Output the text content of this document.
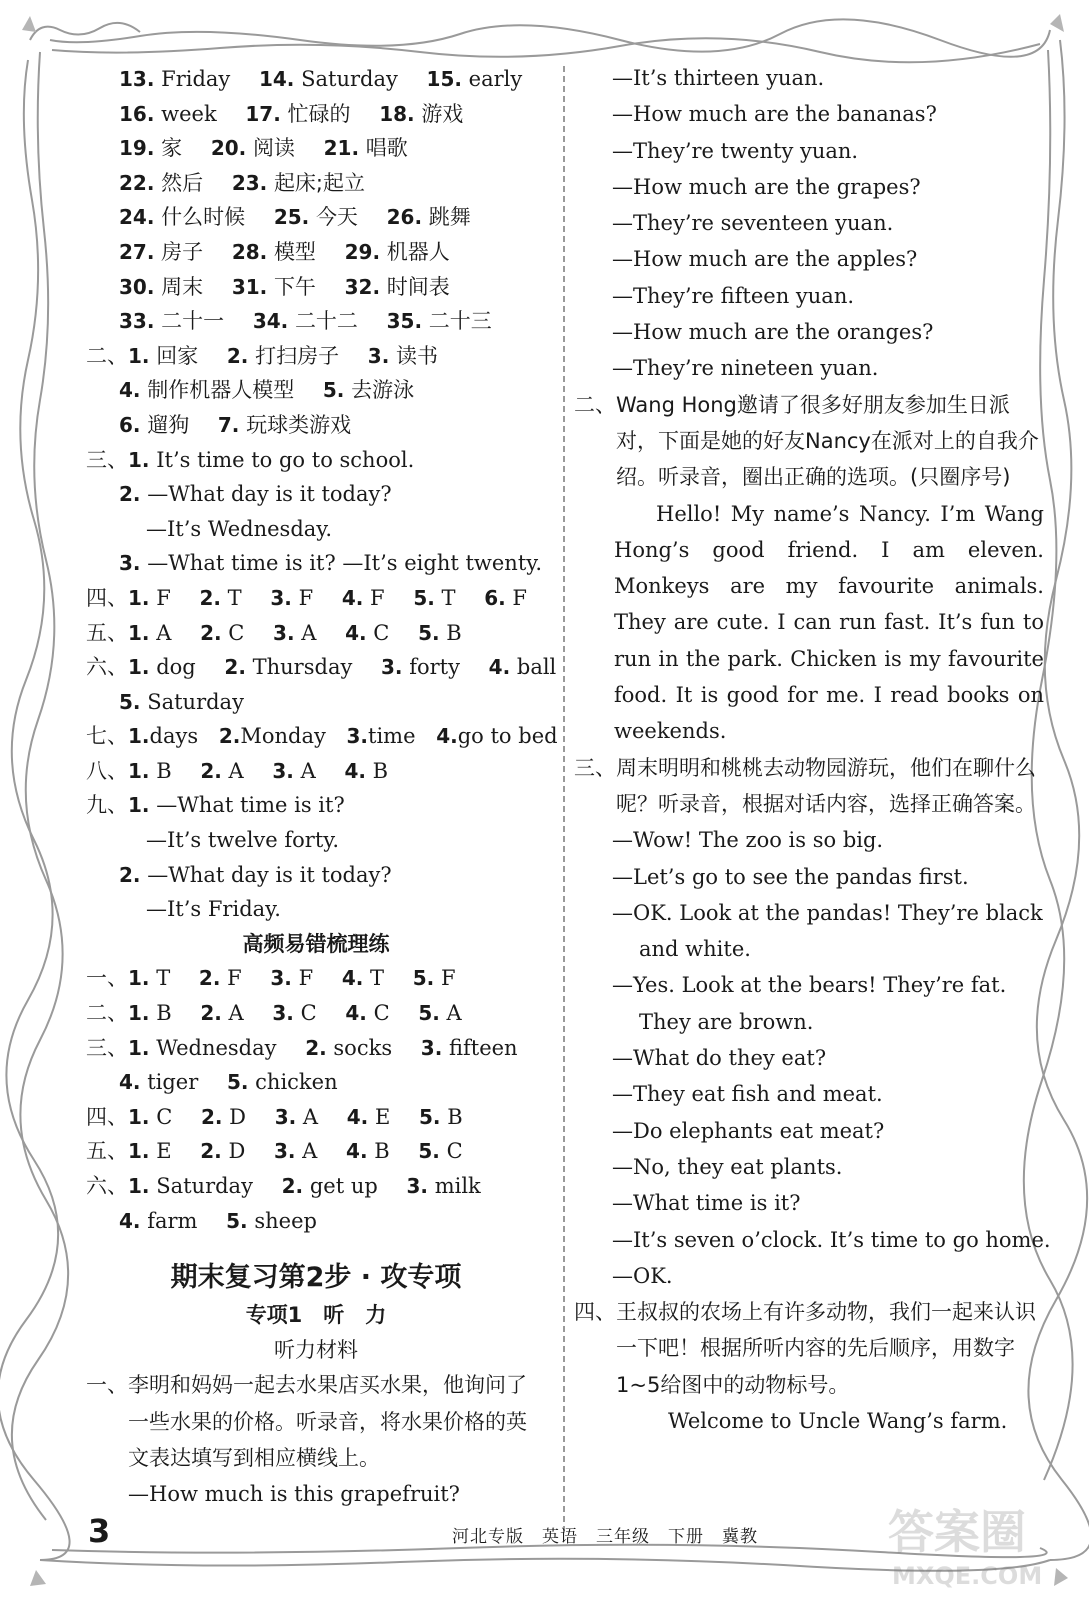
13. Friday 14. Saturday 15. early
16. week 17. 忙碌的 18. 游戏
19. 家 20. 阅读 21. 唱歌
22. 然后 23. 起床;起立
24. 什么时候 25. 今天 26. 跳舞
27. 房子 28. 模型 29. 机器人
30. 周末 31. 下午 32. 时间表
33. 二十一 34. 二十二 35. 二十三
二、1. 回家 2. 打扫房子 3. 读书
4. 制作机器人模型 5. 去游泳
6. 遛狗 7. 玩球类游戏
三、1. It’s time to go to school.
2. —What day is it today?
—It’s Wednesday.
3. —What time is it? —It’s eight twenty.
四、1. F 2. T 3. F 4. F 5. T 6. F
五、1. A 2. C 3. A 4. C 5. B
六、1. dog 2. Thursday 3. forty 4. ball
5. Saturday
七、1.days 2.Monday 3.time 4.go to bed
八、1. B 2. A 3. A 4. B
九、1. —What time is it?
—It’s twelve forty.
2. —What day is it today?
—It’s Friday.
高频易错梳理练
一、1. T 2. F 3. F 4. T 5. F
二、1. B 2. A 3. C 4. C 5. A
三、1. Wednesday 2. socks 3. fifteen
4. tiger 5. chicken
四、1. C 2. D 3. A 4. E 5. B
五、1. E 2. D 3. A 4. B 5. C
六、1. Saturday 2. get up 3. milk
4. farm 5. sheep
期末复习第2步 · 攻专项
专项1　听　力
听力材料
一、 李明和妈妈一起去水果店买水果，他询问了一些水果的价格。听录音，将水果价格的英文表达填写到相应横线上。
—How much is this grapefruit?
—It’s thirteen yuan.
—How much are the bananas?
—They’re twenty yuan.
—How much are the grapes?
—They’re seventeen yuan.
—How much are the apples?
—They’re fifteen yuan.
—How much are the oranges?
—They’re nineteen yuan.
二、 Wang Hong邀请了很多好朋友参加生日派对，下面是她的好友Nancy在派对上的自我介绍。听录音，圈出正确的选项。(只圈序号)
Hello! My name’s Nancy. I’m Wang Hong’s good friend. I am eleven. Monkeys are my favourite animals. They are cute. I can run fast. It’s fun to run in the park. Chicken is my favourite food. It is good for me. I read books on weekends.
三、 周末明明和桃桃去动物园游玩，他们在聊什么呢？听录音，根据对话内容，选择正确答案。
—Wow! The zoo is so big.
—Let’s go to see the pandas first.
—OK. Look at the pandas! They’re black
and white.
—Yes. Look at the bears! They’re fat.
They are brown.
—What do they eat?
—They eat fish and meat.
—Do elephants eat meat?
—No, they eat plants.
—What time is it?
—It’s seven o’clock. It’s time to go home.
—OK.
四、 王叔叔的农场上有许多动物，我们一起来认识一下吧！根据所听内容的先后顺序，用数字1~5给图中的动物标号。
Welcome to Uncle Wang’s farm.
3	河北专版　英语　三年级　下册　冀教	答案圈
MXQE.COM
